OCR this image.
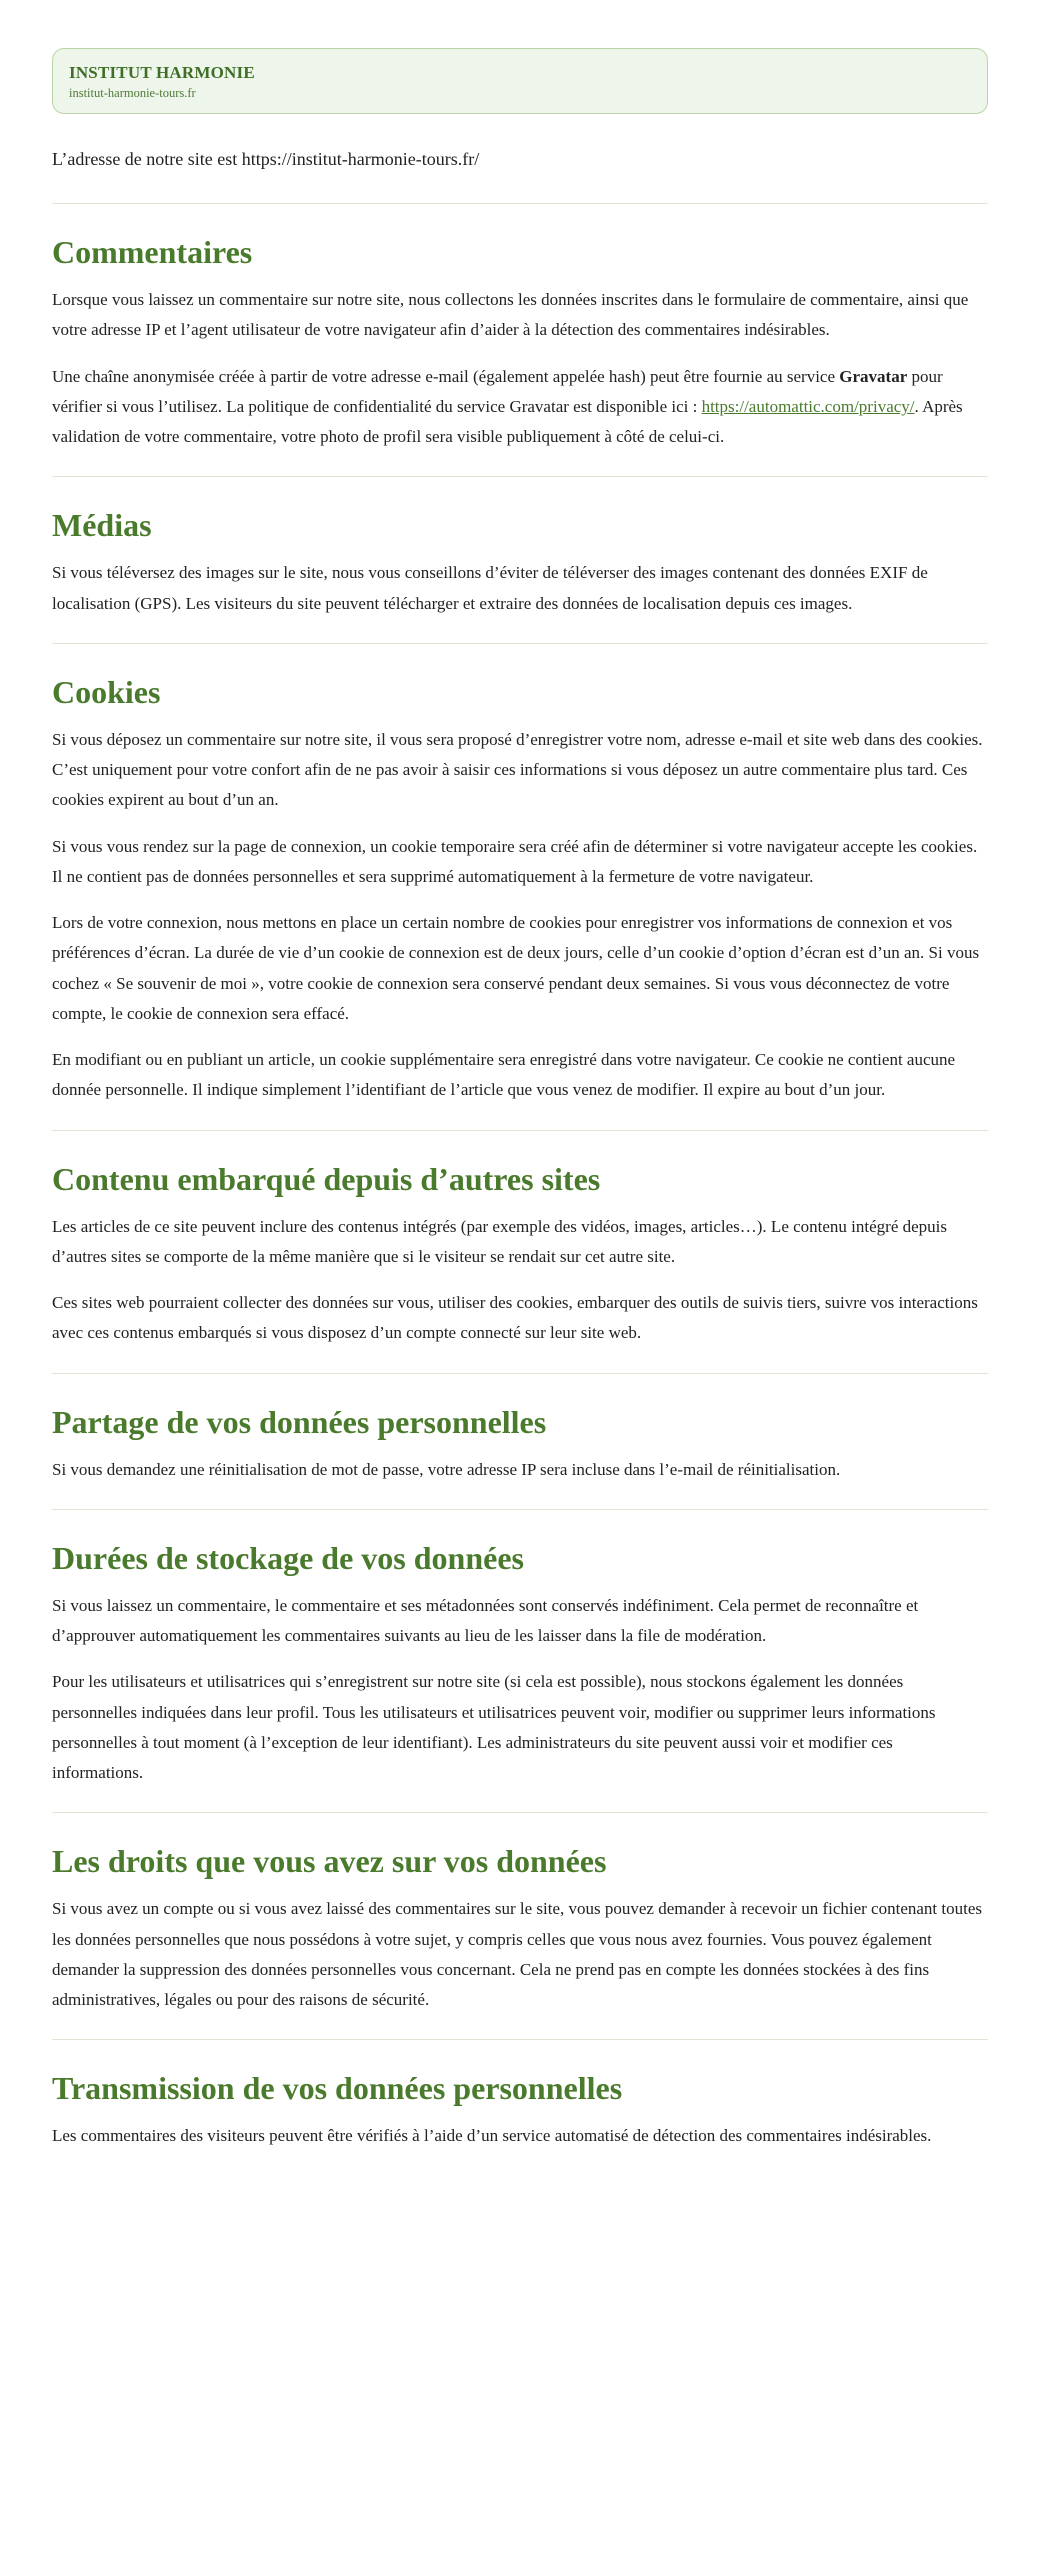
INSTITUT HARMONIE
institut-harmonie-tours.fr
L’adresse de notre site est https://institut-harmonie-tours.fr/
Commentaires

Lorsque vous laissez un commentaire sur notre site, nous collectons les données inscrites dans le formulaire de commentaire, ainsi que votre adresse IP et l’agent utilisateur de votre navigateur afin d’aider à la détection des commentaires indésirables.

Une chaîne anonymisée créée à partir de votre adresse e-mail (également appelée hash) peut être fournie au service Gravatar pour vérifier si vous l’utilisez. La politique de confidentialité du service Gravatar est disponible ici : https://automattic.com/privacy/. Après validation de votre commentaire, votre photo de profil sera visible publiquement à côté de celui-ci.

Médias

Si vous téléversez des images sur le site, nous vous conseillons d’éviter de téléverser des images contenant des données EXIF de localisation (GPS). Les visiteurs du site peuvent télécharger et extraire des données de localisation depuis ces images.

Cookies

Si vous déposez un commentaire sur notre site, il vous sera proposé d’enregistrer votre nom, adresse e-mail et site web dans des cookies. C’est uniquement pour votre confort afin de ne pas avoir à saisir ces informations si vous déposez un autre commentaire plus tard. Ces cookies expirent au bout d’un an.

Si vous vous rendez sur la page de connexion, un cookie temporaire sera créé afin de déterminer si votre navigateur accepte les cookies. Il ne contient pas de données personnelles et sera supprimé automatiquement à la fermeture de votre navigateur.

Lors de votre connexion, nous mettons en place un certain nombre de cookies pour enregistrer vos informations de connexion et vos préférences d’écran. La durée de vie d’un cookie de connexion est de deux jours, celle d’un cookie d’option d’écran est d’un an. Si vous cochez « Se souvenir de moi », votre cookie de connexion sera conservé pendant deux semaines. Si vous vous déconnectez de votre compte, le cookie de connexion sera effacé.

En modifiant ou en publiant un article, un cookie supplémentaire sera enregistré dans votre navigateur. Ce cookie ne contient aucune donnée personnelle. Il indique simplement l’identifiant de l’article que vous venez de modifier. Il expire au bout d’un jour.

Contenu embarqué depuis d’autres sites

Les articles de ce site peuvent inclure des contenus intégrés (par exemple des vidéos, images, articles…). Le contenu intégré depuis d’autres sites se comporte de la même manière que si le visiteur se rendait sur cet autre site.

Ces sites web pourraient collecter des données sur vous, utiliser des cookies, embarquer des outils de suivis tiers, suivre vos interactions avec ces contenus embarqués si vous disposez d’un compte connecté sur leur site web.

Partage de vos données personnelles

Si vous demandez une réinitialisation de mot de passe, votre adresse IP sera incluse dans l’e-mail de réinitialisation.

Durées de stockage de vos données

Si vous laissez un commentaire, le commentaire et ses métadonnées sont conservés indéfiniment. Cela permet de reconnaître et d’approuver automatiquement les commentaires suivants au lieu de les laisser dans la file de modération.

Pour les utilisateurs et utilisatrices qui s’enregistrent sur notre site (si cela est possible), nous stockons également les données personnelles indiquées dans leur profil. Tous les utilisateurs et utilisatrices peuvent voir, modifier ou supprimer leurs informations personnelles à tout moment (à l’exception de leur identifiant). Les administrateurs du site peuvent aussi voir et modifier ces informations.

Les droits que vous avez sur vos données

Si vous avez un compte ou si vous avez laissé des commentaires sur le site, vous pouvez demander à recevoir un fichier contenant toutes les données personnelles que nous possédons à votre sujet, y compris celles que vous nous avez fournies. Vous pouvez également demander la suppression des données personnelles vous concernant. Cela ne prend pas en compte les données stockées à des fins administratives, légales ou pour des raisons de sécurité.

Transmission de vos données personnelles

Les commentaires des visiteurs peuvent être vérifiés à l’aide d’un service automatisé de détection des commentaires indésirables.
